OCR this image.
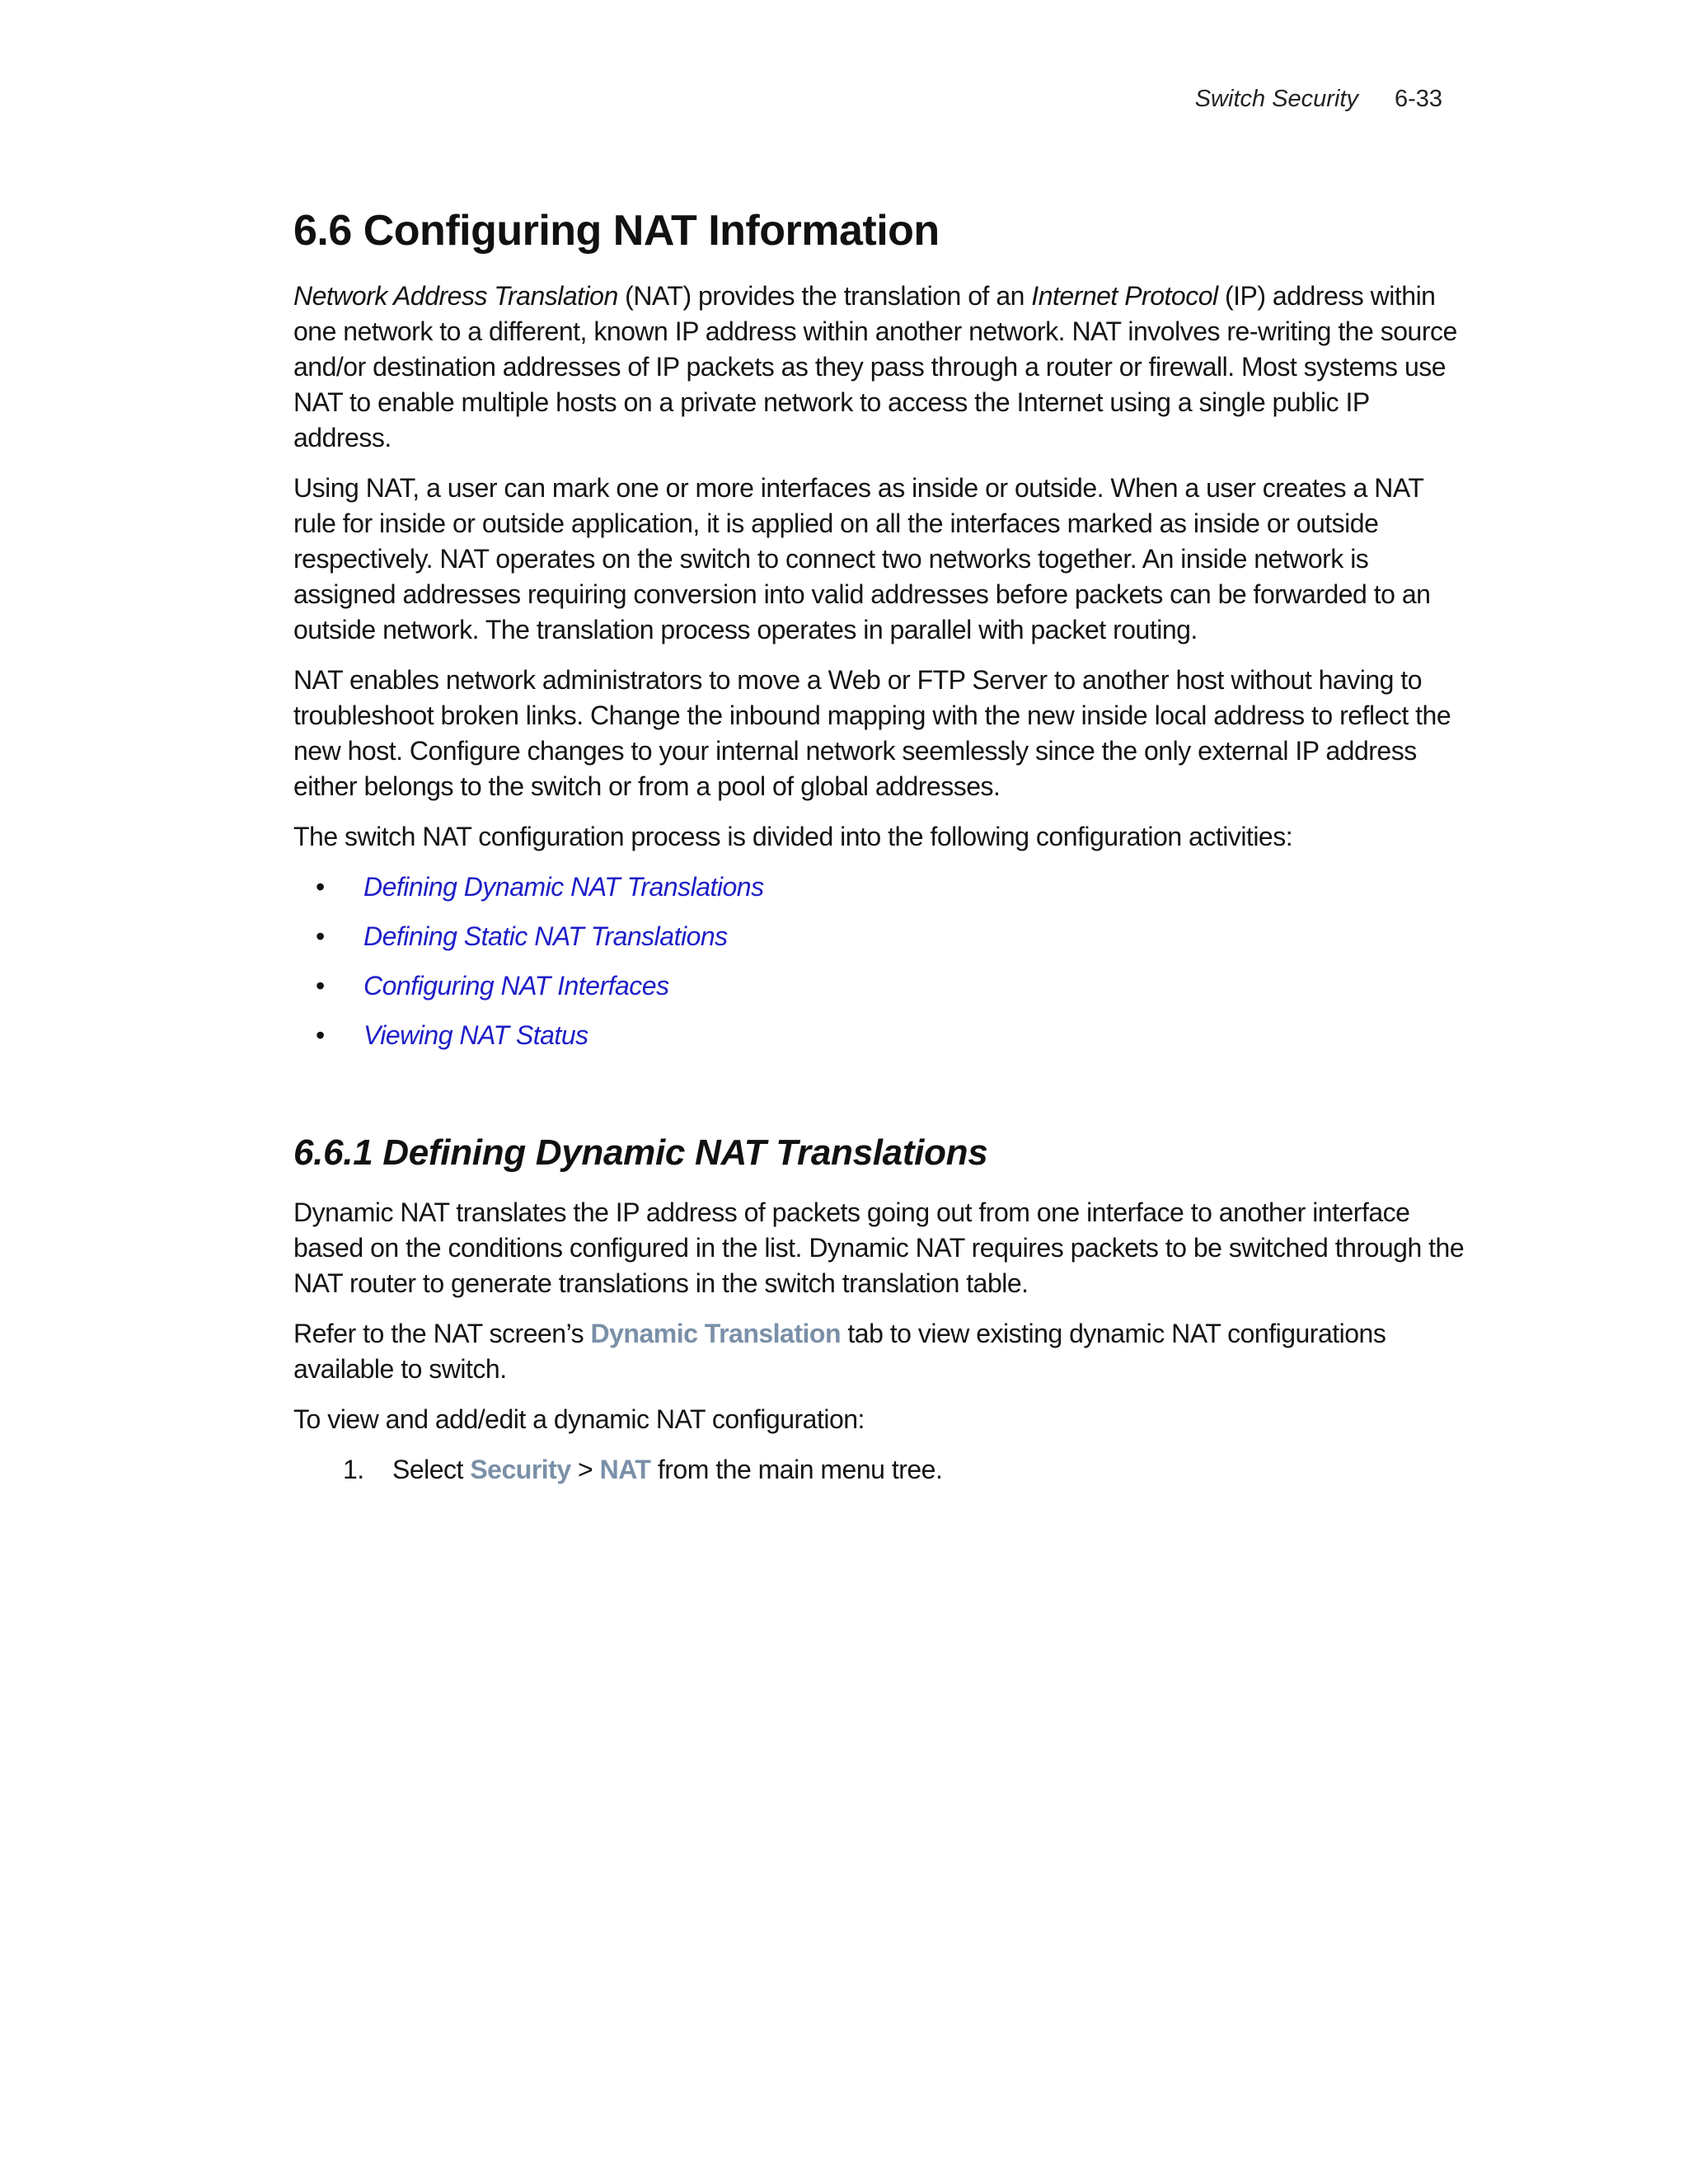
Switch Security 6-33
6.6 Configuring NAT Information

Network Address Translation (NAT) provides the translation of an Internet Protocol (IP) address within one network to a different, known IP address within another network. NAT involves re-writing the source and/or destination addresses of IP packets as they pass through a router or firewall. Most systems use NAT to enable multiple hosts on a private network to access the Internet using a single public IP address.

Using NAT, a user can mark one or more interfaces as inside or outside. When a user creates a NAT rule for inside or outside application, it is applied on all the interfaces marked as inside or outside respectively. NAT operates on the switch to connect two networks together. An inside network is assigned addresses requiring conversion into valid addresses before packets can be forwarded to an outside network. The translation process operates in parallel with packet routing.

NAT enables network administrators to move a Web or FTP Server to another host without having to troubleshoot broken links. Change the inbound mapping with the new inside local address to reflect the new host. Configure changes to your internal network seemlessly since the only external IP address either belongs to the switch or from a pool of global addresses.

The switch NAT configuration process is divided into the following configuration activities:

• Defining Dynamic NAT Translations
• Defining Static NAT Translations
• Configuring NAT Interfaces
• Viewing NAT Status
6.6.1 Defining Dynamic NAT Translations

Dynamic NAT translates the IP address of packets going out from one interface to another interface based on the conditions configured in the list. Dynamic NAT requires packets to be switched through the NAT router to generate translations in the switch translation table.

Refer to the NAT screen’s Dynamic Translation tab to view existing dynamic NAT configurations available to switch.

To view and add/edit a dynamic NAT configuration:

1. Select Security > NAT from the main menu tree.
